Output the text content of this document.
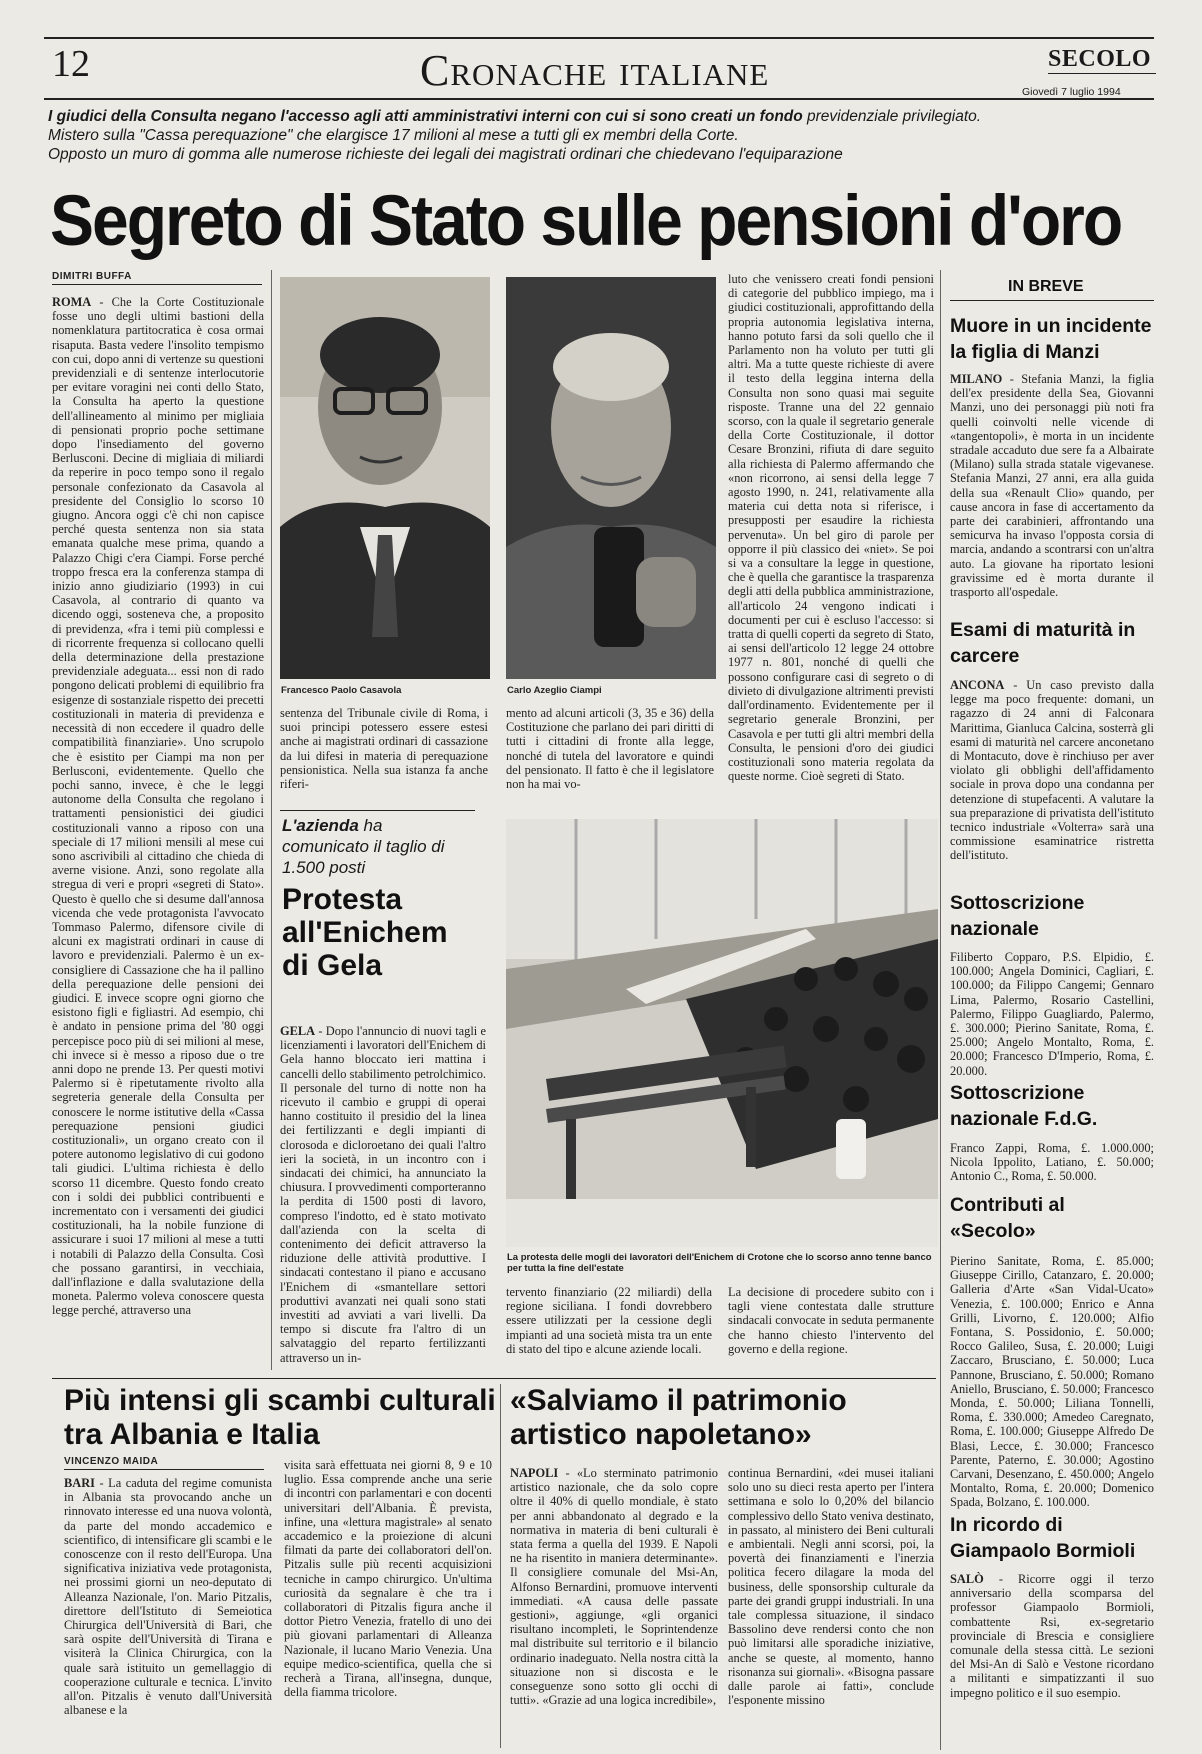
12	Cronache italiane	SECOLO
Giovedì 7 luglio 1994
I giudici della Consulta negano l'accesso agli atti amministrativi interni con cui si sono creati un fondo previdenziale privilegiato.
Mistero sulla "Cassa perequazione" che elargisce 17 milioni al mese a tutti gli ex membri della Corte.
Opposto un muro di gomma alle numerose richieste dei legali dei magistrati ordinari che chiedevano l'equiparazione
Segreto di Stato sulle pensioni d'oro
DIMITRI BUFFA

ROMA - Che la Corte Costituzionale fosse uno degli ultimi bastioni della nomenklatura partitocratica è cosa ormai risaputa. Basta vedere l'insolito tempismo con cui, dopo anni di vertenze su questioni previdenziali e di sentenze interlocutorie per evitare voragini nei conti dello Stato, la Consulta ha aperto la questione dell'allineamento al minimo per migliaia di pensionati proprio poche settimane dopo l'insediamento del governo Berlusconi. Decine di migliaia di miliardi da reperire in poco tempo sono il regalo personale confezionato da Casavola al presidente del Consiglio lo scorso 10 giugno. Ancora oggi c'è chi non capisce perché questa sentenza non sia stata emanata qualche mese prima, quando a Palazzo Chigi c'era Ciampi. Forse perché troppo fresca era la conferenza stampa di inizio anno giudiziario (1993) in cui Casavola, al contrario di quanto va dicendo oggi, sosteneva che, a proposito di previdenza, «fra i temi più complessi e di ricorrente frequenza si collocano quelli della determinazione della prestazione previdenziale adeguata... essi non di rado pongono delicati problemi di equilibrio fra esigenze di sostanziale rispetto dei precetti costituzionali in materia di previdenza e necessità di non eccedere il quadro delle compatibilità finanziarie». Uno scrupolo che è esistito per Ciampi ma non per Berlusconi, evidentemente. Quello che pochi sanno, invece, è che le leggi autonome della Consulta che regolano i trattamenti pensionistici dei giudici costituzionali vanno a riposo con una speciale di 17 milioni mensili al mese cui sono ascrivibili al cittadino che chieda di averne visione. Anzi, sono regolate alla stregua di veri e propri «segreti di Stato». Questo è quello che si desume dall'annosa vicenda che vede protagonista l'avvocato Tommaso Palermo, difensore civile di alcuni ex magistrati ordinari in cause di lavoro e previdenziali. Palermo è un ex-consigliere di Cassazione che ha il pallino della perequazione delle pensioni dei giudici. E invece scopre ogni giorno che esistono figli e figliastri. Ad esempio, chi è andato in pensione prima del '80 oggi percepisce poco più di sei milioni al mese, chi invece si è messo a riposo due o tre anni dopo ne prende 13. Per questi motivi Palermo si è ripetutamente rivolto alla segreteria generale della Consulta per conoscere le norme istitutive della «Cassa perequazione pensioni giudici costituzionali», un organo creato con il potere autonomo legislativo di cui godono tali giudici. L'ultima richiesta è dello scorso 11 dicembre. Questo fondo creato con i soldi dei pubblici contribuenti e incrementato con i versamenti dei giudici costituzionali, ha la nobile funzione di assicurare i suoi 17 milioni al mese a tutti i notabili di Palazzo della Consulta. Così che possano garantirsi, in vecchiaia, dall'inflazione e dalla svalutazione della moneta. Palermo voleva conoscere questa legge perché, attraverso una

Francesco Paolo Casavola	Carlo Azeglio Ciampi

sentenza del Tribunale civile di Roma, i suoi principi potessero essere estesi anche ai magistrati ordinari di cassazione da lui difesi in materia di perequazione pensionistica. Nella sua istanza fa anche riferi-

mento ad alcuni articoli (3, 35 e 36) della Costituzione che parlano dei pari diritti di tutti i cittadini di fronte alla legge, nonché di tutela del lavoratore e quindi del pensionato. Il fatto è che il legislatore non ha mai vo-

luto che venissero creati fondi pensioni di categorie del pubblico impiego, ma i giudici costituzionali, approfittando della propria autonomia legislativa interna, hanno potuto farsi da soli quello che il Parlamento non ha voluto per tutti gli altri. Ma a tutte queste richieste di avere il testo della leggina interna della Consulta non sono quasi mai seguite risposte. Tranne una del 22 gennaio scorso, con la quale il segretario generale della Corte Costituzionale, il dottor Cesare Bronzini, rifiuta di dare seguito alla richiesta di Palermo affermando che «non ricorrono, ai sensi della legge 7 agosto 1990, n. 241, relativamente alla materia cui detta nota si riferisce, i presupposti per esaudire la richiesta pervenuta». Un bel giro di parole per opporre il più classico dei «niet». Se poi si va a consultare la legge in questione, che è quella che garantisce la trasparenza degli atti della pubblica amministrazione, all'articolo 24 vengono indicati i documenti per cui è escluso l'accesso: si tratta di quelli coperti da segreto di Stato, ai sensi dell'articolo 12 legge 24 ottobre 1977 n. 801, nonché di quelli che possono configurare casi di segreto o di divieto di divulgazione altrimenti previsti dall'ordinamento. Evidentemente per il segretario generale Bronzini, per Casavola e per tutti gli altri membri della Consulta, le pensioni d'oro dei giudici costituzionali sono materia regolata da queste norme. Cioè segreti di Stato.

L'azienda ha comunicato il taglio di 1.500 posti
Protesta
all'Enichem
di Gela

GELA - Dopo l'annuncio di nuovi tagli e licenziamenti i lavoratori dell'Enichem di Gela hanno bloccato ieri mattina i cancelli dello stabilimento petrolchimico. Il personale del turno di notte non ha ricevuto il cambio e gruppi di operai hanno costituito il presidio del la linea dei fertilizzanti e degli impianti di clorosoda e dicloroetano dei quali l'altro ieri la società, in un incontro con i sindacati dei chimici, ha annunciato la chiusura. I provvedimenti comporteranno la perdita di 1500 posti di lavoro, compreso l'indotto, ed è stato motivato dall'azienda con la scelta di contenimento dei deficit attraverso la riduzione delle attività produttive. I sindacati contestano il piano e accusano l'Enichem di «smantellare settori produttivi avanzati nei quali sono stati investiti ad avviati a vari livelli. Da tempo si discute fra l'altro di un salvataggio del reparto fertilizzanti attraverso un in-

La protesta delle mogli dei lavoratori dell'Enichem di Crotone che lo scorso anno tenne banco per tutta la fine dell'estate

tervento finanziario (22 miliardi) della regione siciliana. I fondi dovrebbero essere utilizzati per la cessione degli impianti ad una società mista tra un ente di stato del tipo e alcune aziende locali.

La decisione di procedere subito con i tagli viene contestata dalle strutture sindacali convocate in seduta permanente che hanno chiesto l'intervento del governo e della regione.

Più intensi gli scambi culturali tra Albania e Italia
VINCENZO MAIDA

BARI - La caduta del regime comunista in Albania sta provocando anche un rinnovato interesse ed una nuova volontà, da parte del mondo accademico e scientifico, di intensificare gli scambi e le conoscenze con il resto dell'Europa. Una significativa iniziativa vede protagonista, nei prossimi giorni un neo-deputato di Alleanza Nazionale, l'on. Mario Pitzalis, direttore dell'Istituto di Semeiotica Chirurgica dell'Università di Bari, che sarà ospite dell'Università di Tirana e visiterà la Clinica Chirurgica, con la quale sarà istituito un gemellaggio di cooperazione culturale e tecnica. L'invito all'on. Pitzalis è venuto dall'Università albanese e la

visita sarà effettuata nei giorni 8, 9 e 10 luglio. Essa comprende anche una serie di incontri con parlamentari e con docenti universitari dell'Albania. È prevista, infine, una «lettura magistrale» al senato accademico e la proiezione di alcuni filmati da parte dei collaboratori dell'on. Pitzalis sulle più recenti acquisizioni tecniche in campo chirurgico. Un'ultima curiosità da segnalare è che tra i collaboratori di Pitzalis figura anche il dottor Pietro Venezia, fratello di uno dei più giovani parlamentari di Alleanza Nazionale, il lucano Mario Venezia. Una equipe medico-scientifica, quella che si recherà a Tirana, all'insegna, dunque, della fiamma tricolore.

«Salviamo il patrimonio artistico napoletano»

NAPOLI - «Lo sterminato patrimonio artistico nazionale, che da solo copre oltre il 40% di quello mondiale, è stato per anni abbandonato al degrado e la normativa in materia di beni culturali è stata ferma a quella del 1939. E Napoli ne ha risentito in maniera determinante». Il consigliere comunale del Msi-An, Alfonso Bernardini, promuove interventi immediati. «A causa delle passate gestioni», aggiunge, «gli organici risultano incompleti, le Soprintendenze mal distribuite sul territorio e il bilancio ordinario inadeguato. Nella nostra città la situazione non si discosta e le conseguenze sono sotto gli occhi di tutti». «Grazie ad una logica incredibile»,

continua Bernardini, «dei musei italiani solo uno su dieci resta aperto per l'intera settimana e solo lo 0,20% del bilancio complessivo dello Stato veniva destinato, in passato, al ministero dei Beni culturali e ambientali. Negli anni scorsi, poi, la povertà dei finanziamenti e l'inerzia politica fecero dilagare la moda del business, delle sponsorship culturale da parte dei grandi gruppi industriali. In una tale complessa situazione, il sindaco Bassolino deve rendersi conto che non può limitarsi alle sporadiche iniziative, anche se queste, al momento, hanno risonanza sui giornali». «Bisogna passare dalle parole ai fatti», conclude l'esponente missino

IN BREVE
Muore in un incidente la figlia di Manzi

MILANO - Stefania Manzi, la figlia dell'ex presidente della Sea, Giovanni Manzi, uno dei personaggi più noti fra quelli coinvolti nelle vicende di «tangentopoli», è morta in un incidente stradale accaduto due sere fa a Albairate (Milano) sulla strada statale vigevanese. Stefania Manzi, 27 anni, era alla guida della sua «Renault Clio» quando, per cause ancora in fase di accertamento da parte dei carabinieri, affrontando una semicurva ha invaso l'opposta corsia di marcia, andando a scontrarsi con un'altra auto. La giovane ha riportato lesioni gravissime ed è morta durante il trasporto all'ospedale.

Esami di maturità in carcere

ANCONA - Un caso previsto dalla legge ma poco frequente: domani, un ragazzo di 24 anni di Falconara Marittima, Gianluca Calcina, sosterrà gli esami di maturità nel carcere anconetano di Montacuto, dove è rinchiuso per aver violato gli obblighi dell'affidamento sociale in prova dopo una condanna per detenzione di stupefacenti. A valutare la sua preparazione di privatista dell'istituto tecnico industriale «Volterra» sarà una commissione esaminatrice ristretta dell'istituto.

Sottoscrizione nazionale

Filiberto Copparo, P.S. Elpidio, £. 100.000; Angela Dominici, Cagliari, £. 100.000; da Filippo Cangemi; Gennaro Lima, Palermo, Rosario Castellini, Palermo, Filippo Guagliardo, Palermo, £. 300.000; Pierino Sanitate, Roma, £. 25.000; Angelo Montalto, Roma, £. 20.000; Francesco D'Imperio, Roma, £. 20.000.

Sottoscrizione nazionale F.d.G.

Franco Zappi, Roma, £. 1.000.000; Nicola Ippolito, Latiano, £. 50.000; Antonio C., Roma, £. 50.000.

Contributi al «Secolo»

Pierino Sanitate, Roma, £. 85.000; Giuseppe Cirillo, Catanzaro, £. 20.000; Galleria d'Arte «San Vidal-Ucato» Venezia, £. 100.000; Enrico e Anna Grilli, Livorno, £. 120.000; Alfio Fontana, S. Possidonio, £. 50.000; Rocco Galileo, Susa, £. 20.000; Luigi Zaccaro, Brusciano, £. 50.000; Luca Pannone, Brusciano, £. 50.000; Romano Aniello, Brusciano, £. 50.000; Francesco Monda, £. 50.000; Liliana Tonnelli, Roma, £. 330.000; Amedeo Caregnato, Roma, £. 100.000; Giuseppe Alfredo De Blasi, Lecce, £. 30.000; Francesco Parente, Paterno, £. 30.000; Agostino Carvani, Desenzano, £. 450.000; Angelo Montalto, Roma, £. 20.000; Domenico Spada, Bolzano, £. 100.000.

In ricordo di Giampaolo Bormioli

SALÒ - Ricorre oggi il terzo anniversario della scomparsa del professor Giampaolo Bormioli, combattente Rsi, ex-segretario provinciale di Brescia e consigliere comunale della stessa città. Le sezioni del Msi-An di Salò e Vestone ricordano a militanti e simpatizzanti il suo impegno politico e il suo esempio.
